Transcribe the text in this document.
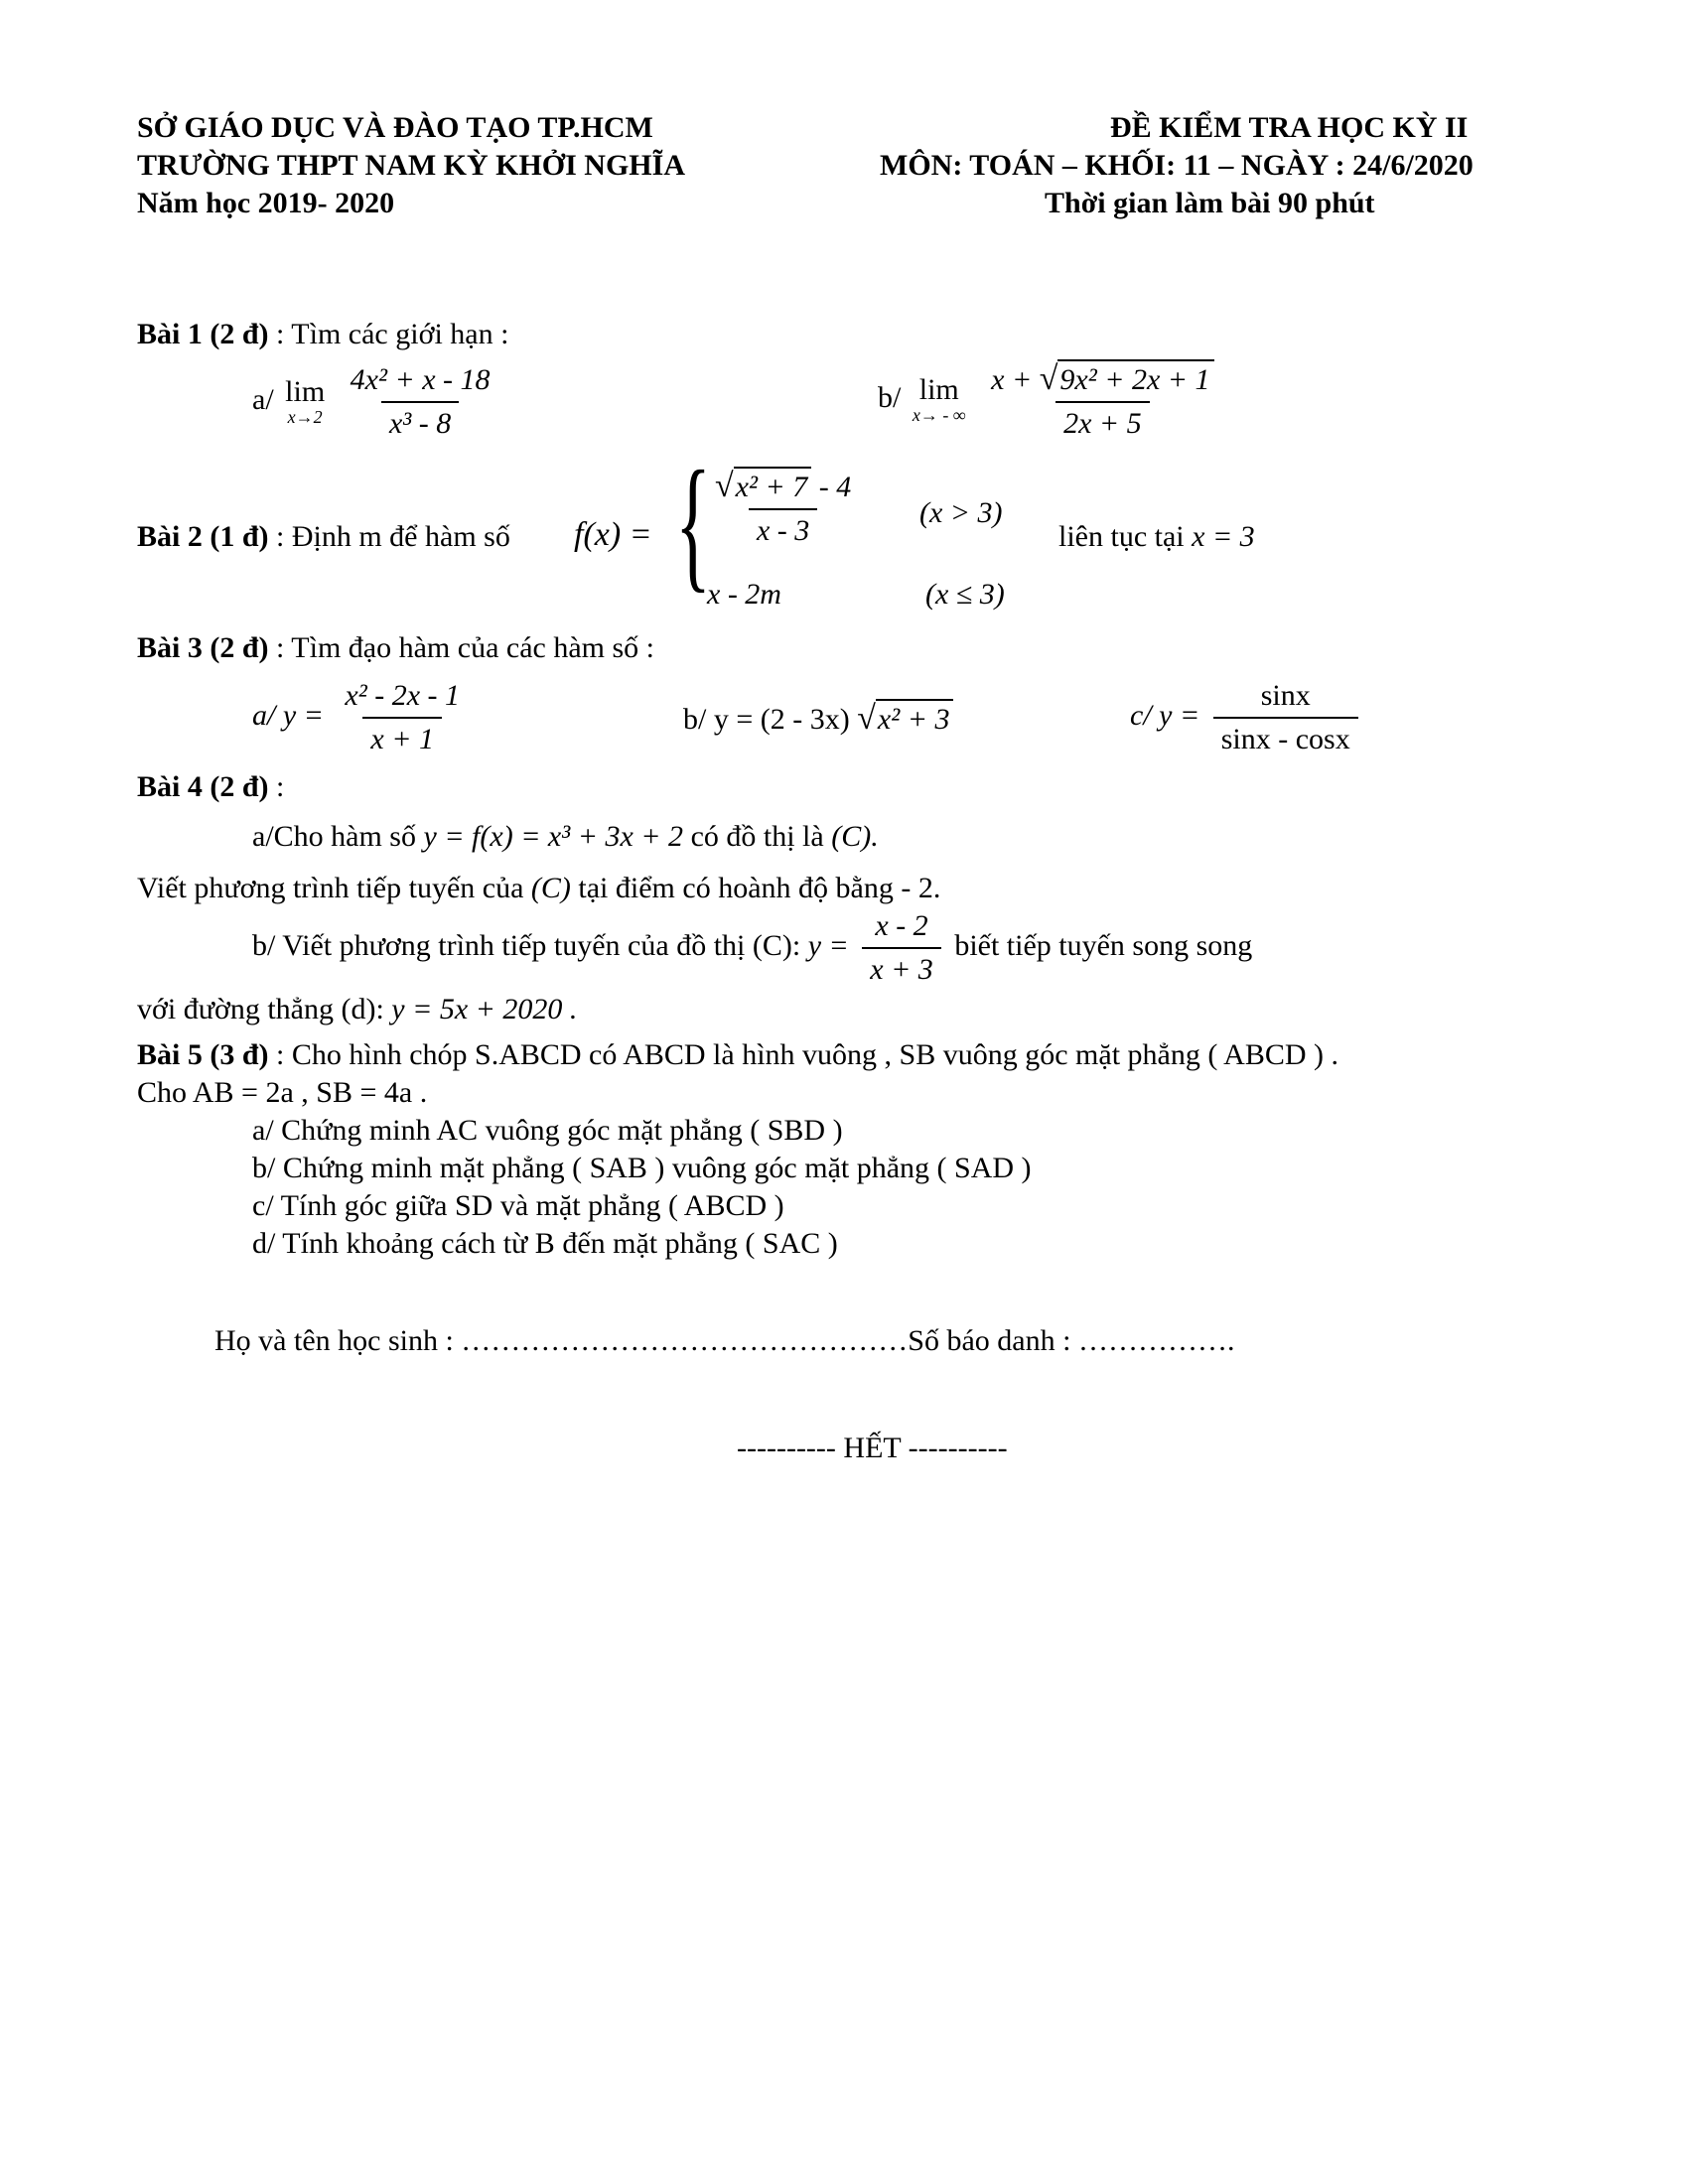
SỞ GIÁO DỤC VÀ ĐÀO TẠO TP.HCM
TRƯỜNG THPT NAM KỲ KHỞI NGHĨA
Năm học 2019- 2020
ĐỀ KIỂM TRA HỌC KỲ II
MÔN: TOÁN – KHỐI: 11 – NGÀY : 24/6/2020
Thời gian làm bài 90 phút
Bài 1 (2 đ) : Tìm các giới hạn :
a/ lim
x→2
$\frac{\text{4x² + x - 18}}{\text{x³ - 8}}$	b/ lim
x→ - ∞
$\frac{\text{x + √ 9x² + 2x + 1}}{2x + 5}$
Bài 2 (1 đ) : Định m để hàm số f(x) = {
$\frac{\text{√ x² + 7 - 4}}{x - 3} (x > 3)$
x - 2m	(x ≤ 3)
liên tục tại x = 3
Bài 3 (2 đ) : Tìm đạo hàm của các hàm số :
a/ $y = \frac{\text{x² - 2x - 1}}{x + 1}$	b/ y = (2 - 3x) √ x² + 3	c/ $y = \frac{\sin x}{\sin x - \cos x}$
Bài 4 (2 đ) :
a/Cho hàm số y = f(x) = x³ + 3x + 2 có đồ thị là (C).
Viết phương trình tiếp tuyến của (C) tại điểm có hoành độ bằng - 2.
b/ Viết phương trình tiếp tuyến của đồ thị (C): $y = \frac{x - 2}{x + 3}$ biết tiếp tuyến song song
với đường thẳng (d): y = 5x + 2020 .
Bài 5 (3 đ) : Cho hình chóp S.ABCD có ABCD là hình vuông , SB vuông góc mặt phẳng ( ABCD ) .
Cho AB = 2a , SB = 4a .
a/ Chứng minh AC vuông góc mặt phẳng ( SBD )
b/ Chứng minh mặt phẳng ( SAB ) vuông góc mặt phẳng ( SAD )
c/ Tính góc giữa SD và mặt phẳng ( ABCD )
d/ Tính khoảng cách từ B đến mặt phẳng ( SAC )
Họ và tên học sinh : ………………………………………Số báo danh : …………….
---------- HẾT ----------
